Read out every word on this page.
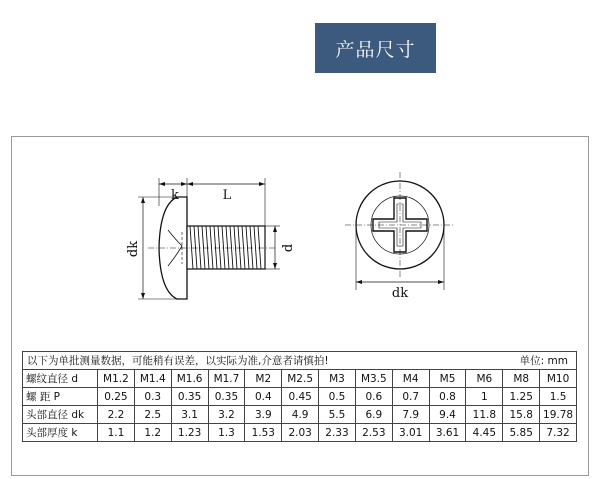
产品尺寸
k	L
dk	d
dk
以下为单批测量数据，可能稍有误差，以实际为准,介意者请慎拍! 单位: mm													

螺纹直径 d	M1.2	M1.4	M1.6	M1.7	M2	M2.5	M3	M3.5	M4	M5	M6	M8	M10
螺 距 P	0.25	0.3	0.35	0.35	0.4	0.45	0.5	0.6	0.7	0.8	1	1.25	1.5
头部直径 dk	2.2	2.5	3.1	3.2	3.9	4.9	5.5	6.9	7.9	9.4	11.8	15.8	19.78
头部厚度 k	1.1	1.2	1.23	1.3	1.53	2.03	2.33	2.53	3.01	3.61	4.45	5.85	7.32
